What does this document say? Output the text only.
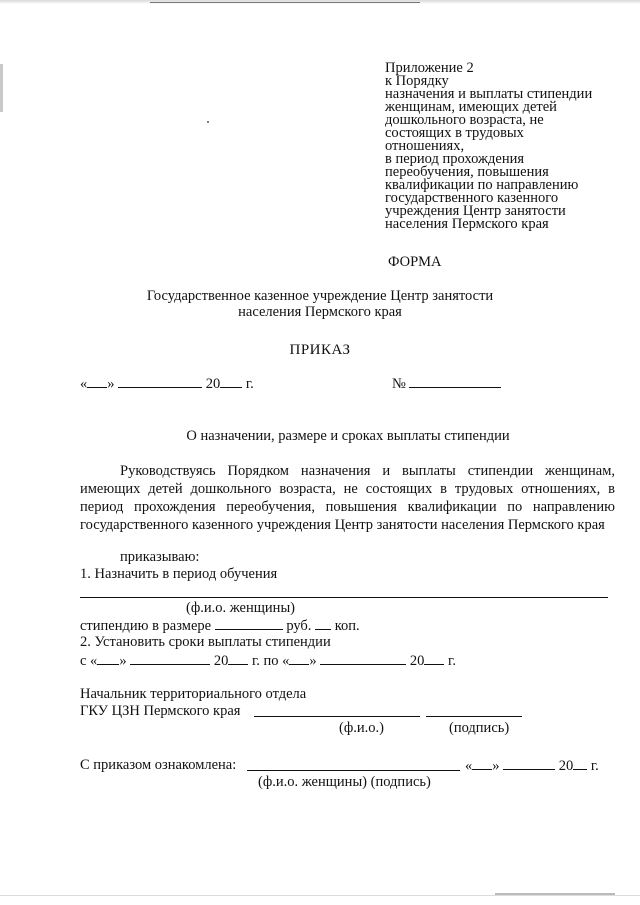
Приложение 2
к Порядку
назначения и выплаты стипендии
женщинам, имеющих детей
дошкольного возраста, не
состоящих в трудовых
отношениях,
в период прохождения
переобучения, повышения
квалификации по направлению
государственного казенного
учреждения Центр занятости
населения Пермского края
ФОРМА
Государственное казенное учреждение Центр занятости
населения Пермского края
ПРИКАЗ
« »	20 г.	№
О назначении, размере и сроках выплаты стипендии
Руководствуясь Порядком назначения и выплаты стипендии женщинам, имеющих детей дошкольного возраста, не состоящих в трудовых отношениях, в период прохождения переобучения, повышения квалификации по направлению государственного казенного учреждения Центр занятости населения Пермского края
приказываю:
1. Назначить в период обучения
(ф.и.о. женщины)
стипендию в размере	руб. коп.
2. Установить сроки выплаты стипендии
с « »	20 г. по « »	20 г.
Начальник территориального отдела
ГКУ ЦЗН Пермского края
(ф.и.о.)	(подпись)
С приказом ознакомлена:	« »	20 г.
(ф.и.о. женщины) (подпись)
